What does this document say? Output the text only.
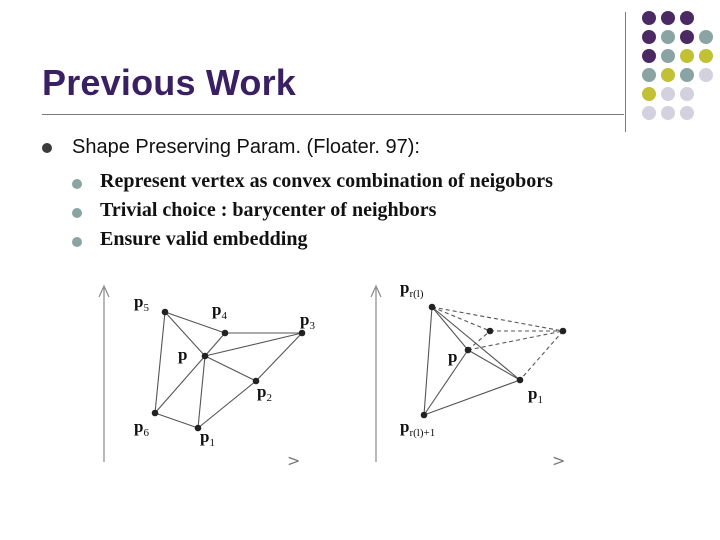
Previous Work
Shape Preserving Param. (Floater. 97):
Represent vertex as convex combination of neigobors
Trivial choice : barycenter of neighbors
Ensure valid embedding
$p_5$	$p_4$	$p_3$
p
$p_2$
$p_6$	$p_1$
>
$p_{r(l)}$
p
$p_1$
$p_{r(l)+1}$
>
